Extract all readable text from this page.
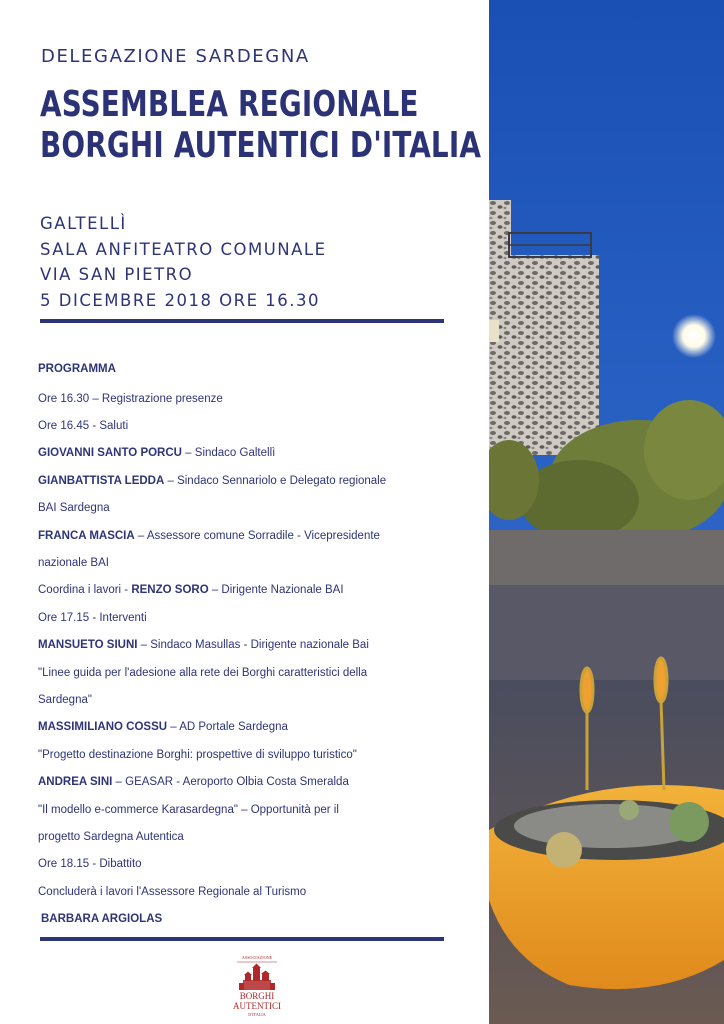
DELEGAZIONE SARDEGNA
ASSEMBLEA REGIONALE
BORGHI AUTENTICI D'ITALIA
GALTELLÌ
SALA ANFITEATRO COMUNALE
VIA SAN PIETRO
5 DICEMBRE 2018 ORE 16.30
PROGRAMMA
Ore 16.30 – Registrazione presenze
Ore 16.45 - Saluti
GIOVANNI SANTO PORCU – Sindaco Galtellì
GIANBATTISTA LEDDA – Sindaco Sennariolo e Delegato regionale
BAI Sardegna
FRANCA MASCIA – Assessore comune Sorradile - Vicepresidente
nazionale BAI
Coordina i lavori - RENZO SORO – Dirigente Nazionale BAI
Ore 17.15 - Interventi
MANSUETO SIUNI – Sindaco Masullas - Dirigente nazionale Bai
"Linee guida per l'adesione alla rete dei Borghi caratteristici della
Sardegna"
MASSIMILIANO COSSU – AD Portale Sardegna
"Progetto destinazione Borghi: prospettive di sviluppo turistico"
ANDREA SINI – GEASAR - Aeroporto Olbia Costa Smeralda
"Il modello e-commerce Karasardegna" – Opportunità per il
progetto Sardegna Autentica
Ore 18.15 - Dibattito
Concluderà i lavori l'Assessore Regionale al Turismo
BARBARA ARGIOLAS
ASSOCIAZIONE
BORGHI
AUTENTICI
D'ITALIA
